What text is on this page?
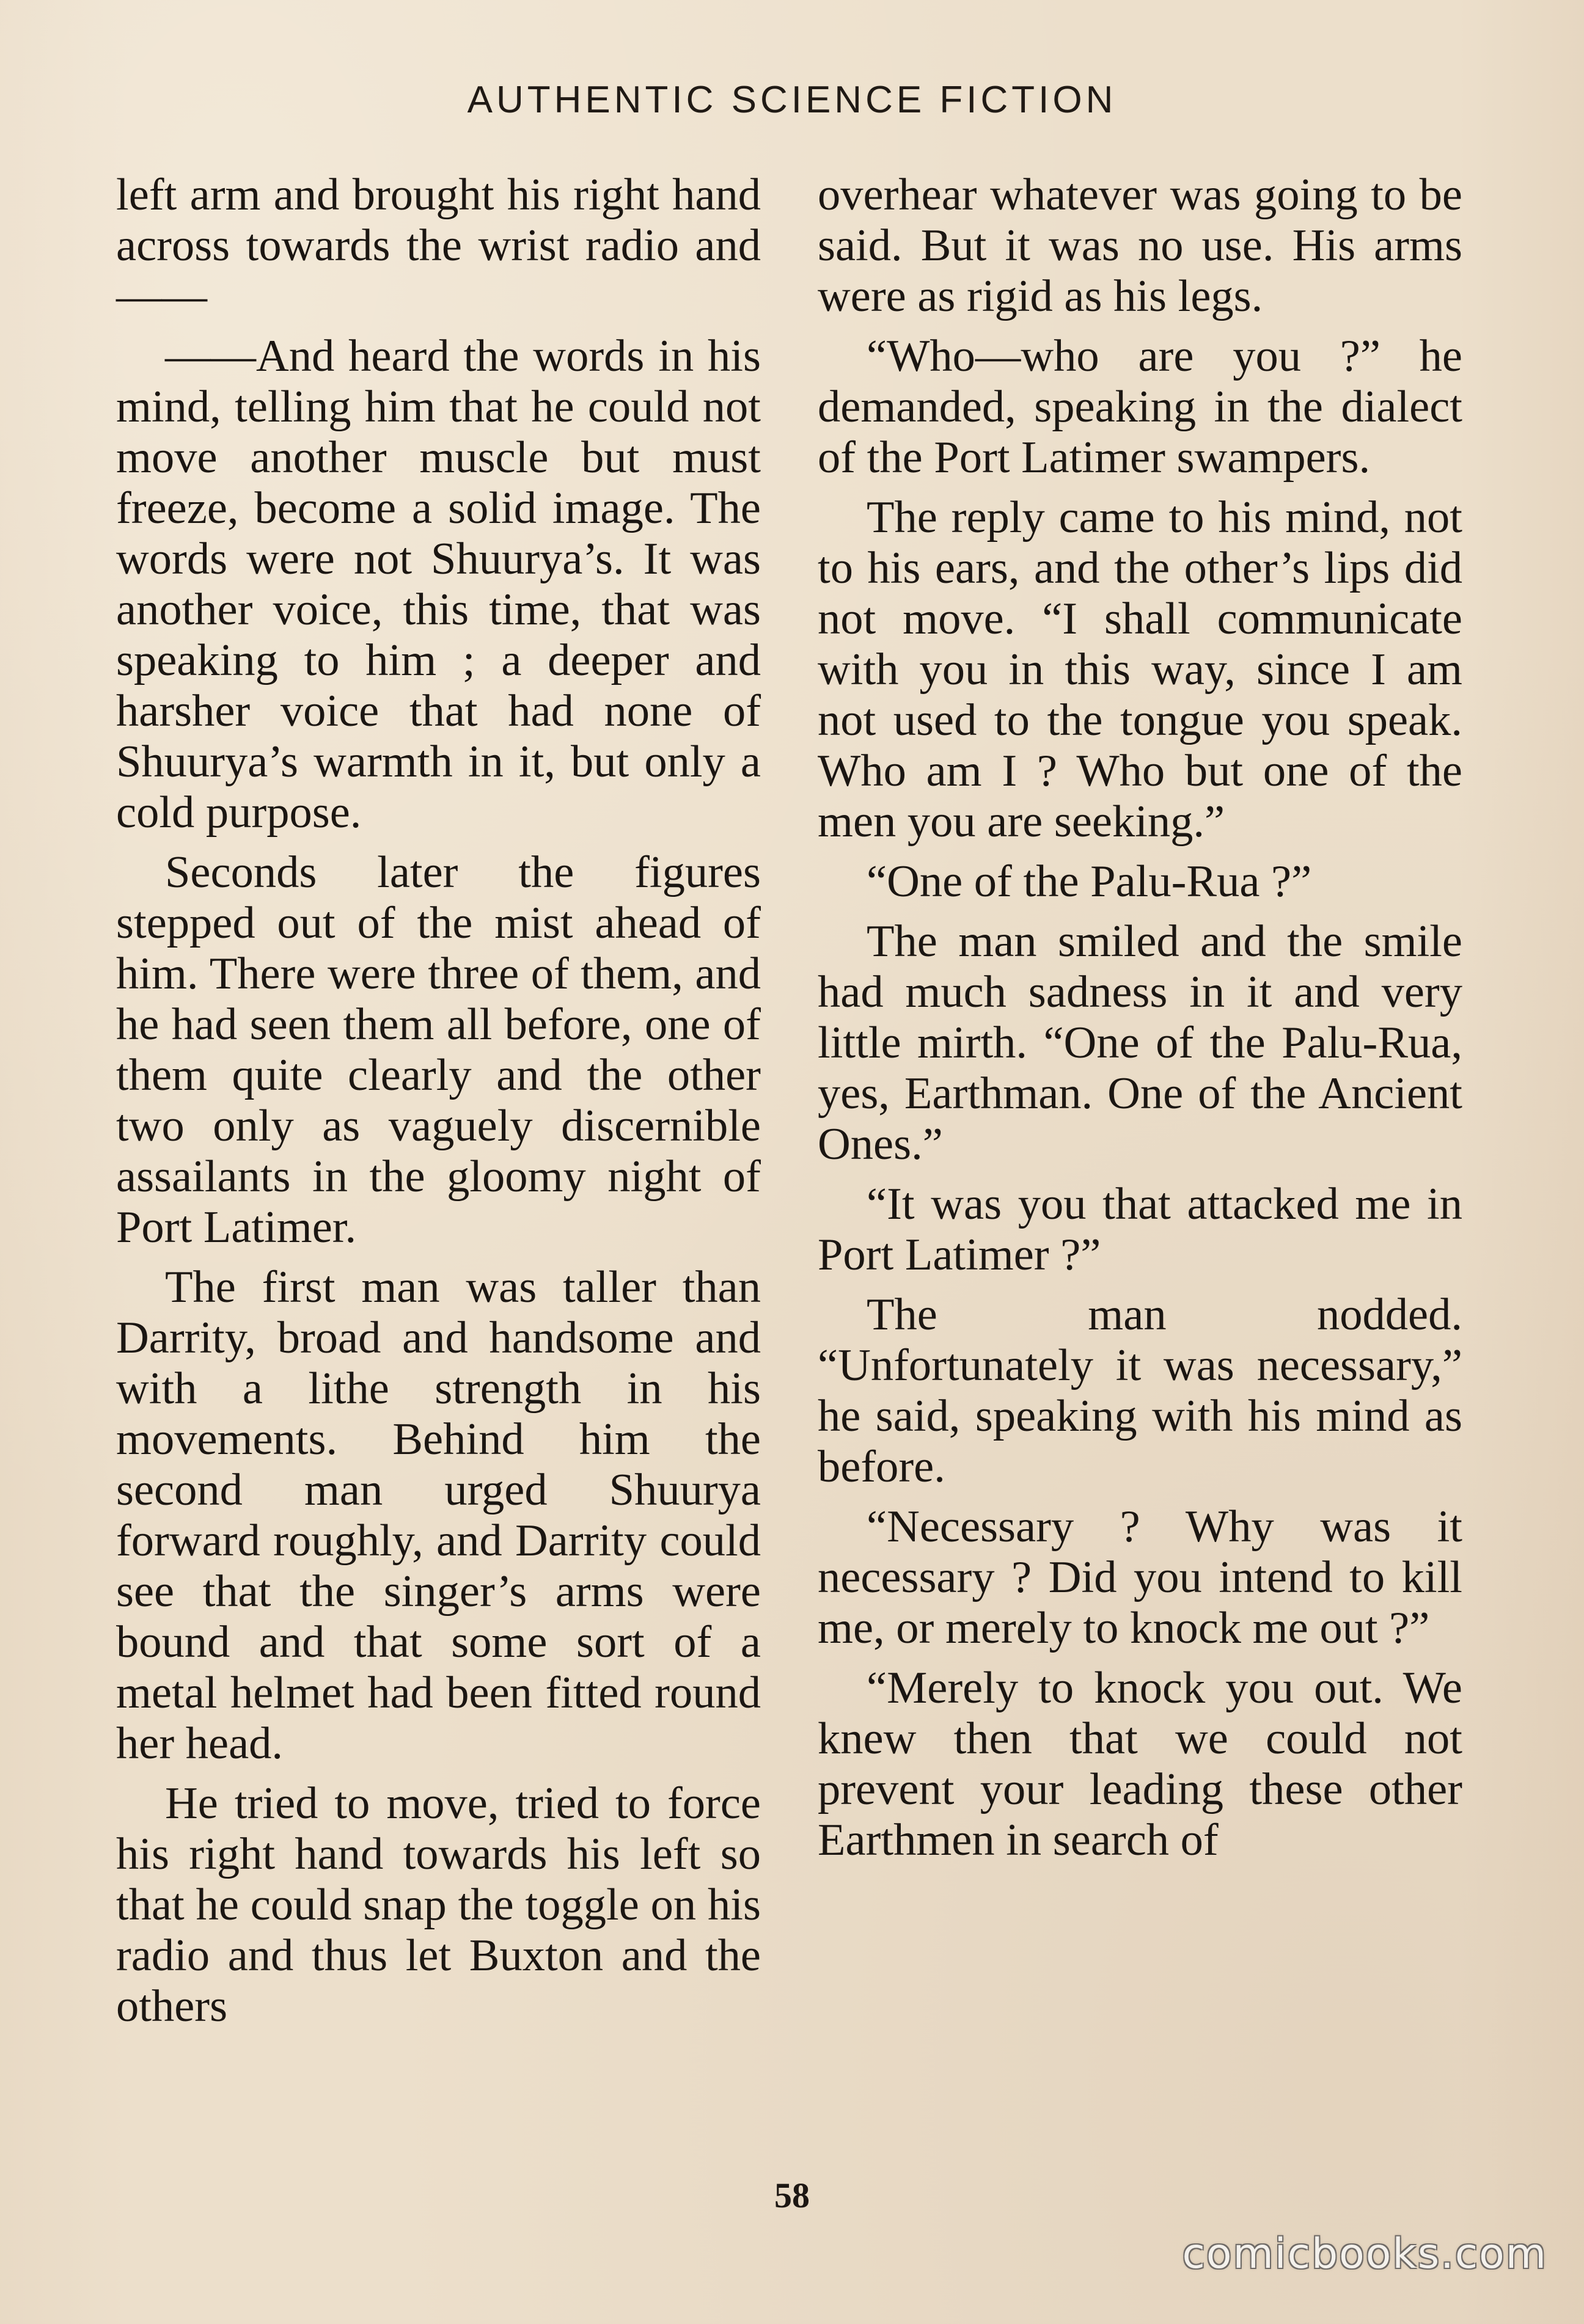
AUTHENTIC SCIENCE FICTION

left arm and brought his right hand across towards the wrist radio and——

——And heard the words in his mind, telling him that he could not move another muscle but must freeze, become a solid image. The words were not Shuurya’s. It was another voice, this time, that was speaking to him ; a deeper and harsher voice that had none of Shuurya’s warmth in it, but only a cold purpose.

Seconds later the figures stepped out of the mist ahead of him. There were three of them, and he had seen them all before, one of them quite clearly and the other two only as vaguely discernible assailants in the gloomy night of Port Latimer.

The first man was taller than Darrity, broad and handsome and with a lithe strength in his movements. Behind him the second man urged Shuurya forward roughly, and Darrity could see that the singer’s arms were bound and that some sort of a metal helmet had been fitted round her head.

He tried to move, tried to force his right hand towards his left so that he could snap the toggle on his radio and thus let Buxton and the others

overhear whatever was going to be said. But it was no use. His arms were as rigid as his legs.

“Who—who are you ?” he demanded, speaking in the dialect of the Port Latimer swampers.

The reply came to his mind, not to his ears, and the other’s lips did not move. “I shall communicate with you in this way, since I am not used to the tongue you speak. Who am I ? Who but one of the men you are seeking.”

“One of the Palu-Rua ?”

The man smiled and the smile had much sadness in it and very little mirth. “One of the Palu-Rua, yes, Earthman. One of the Ancient Ones.”

“It was you that attacked me in Port Latimer ?”

The man nodded. “Unfortunately it was necessary,” he said, speaking with his mind as before.

“Necessary ? Why was it necessary ? Did you intend to kill me, or merely to knock me out ?”

“Merely to knock you out. We knew then that we could not prevent your leading these other Earthmen in search of

58
comicbooks.com
